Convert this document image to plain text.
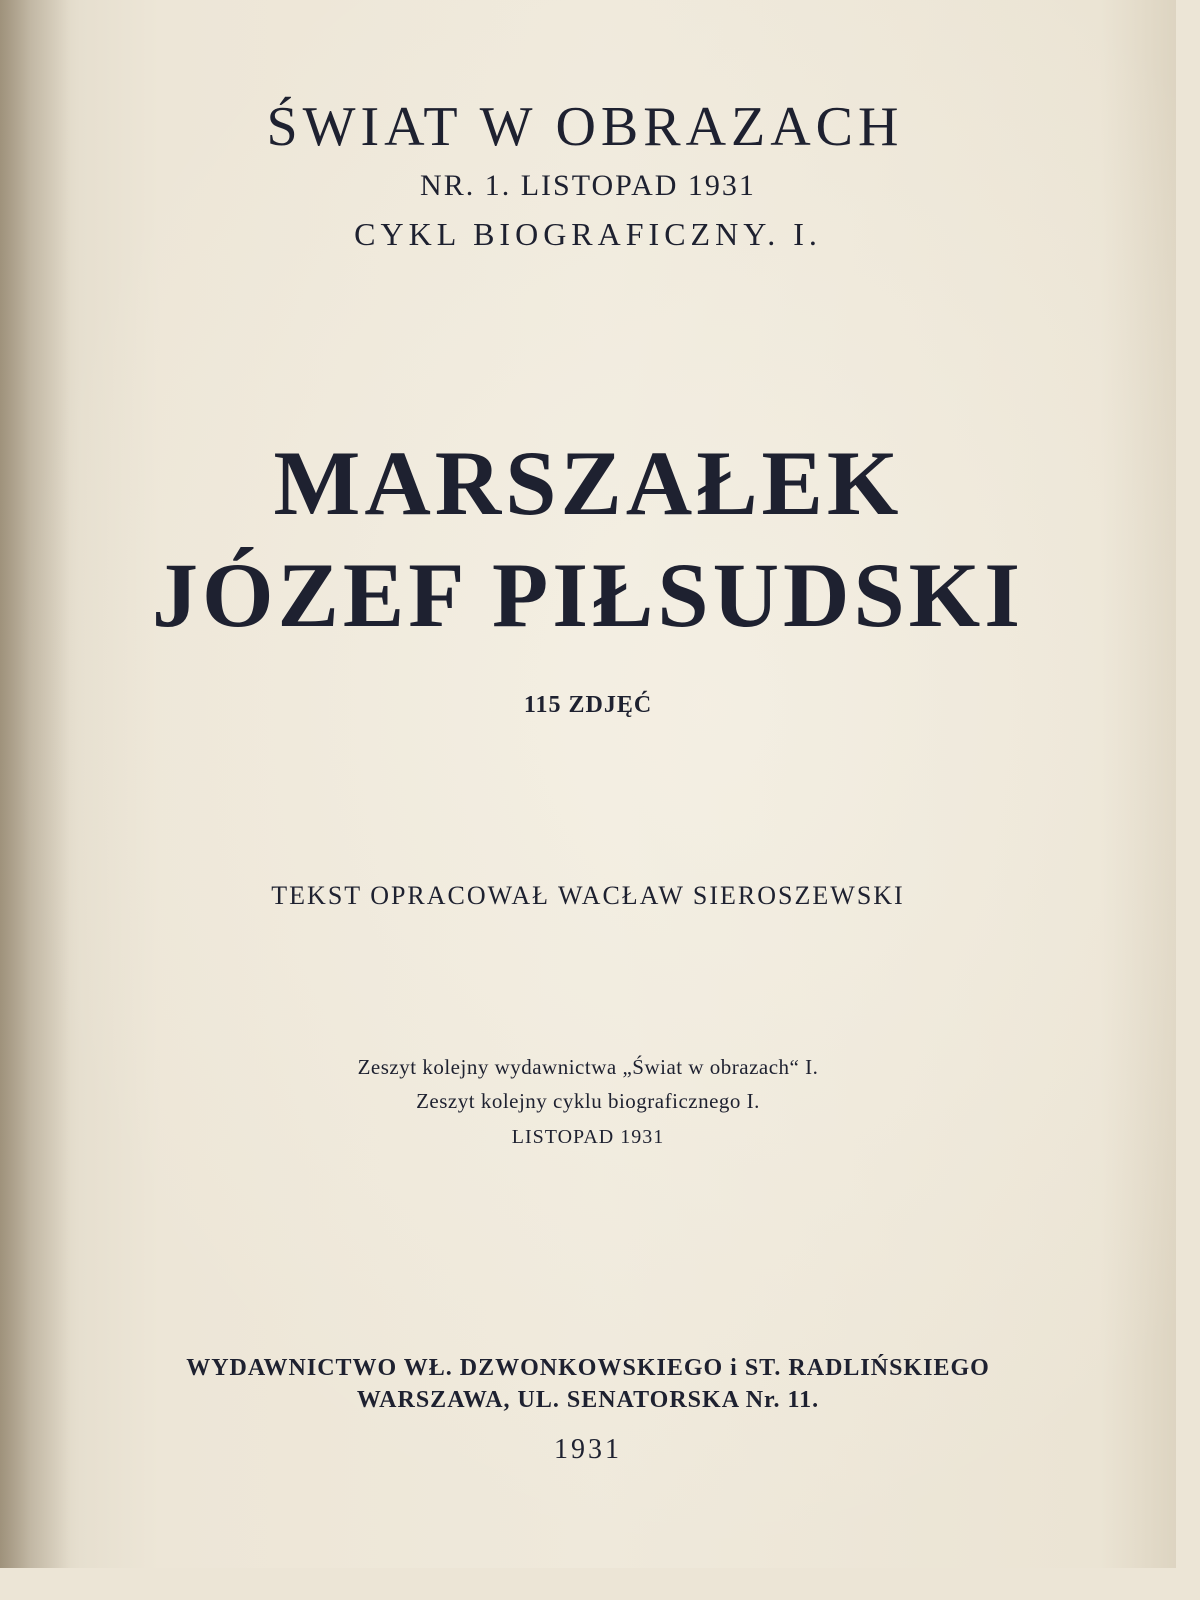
ŚWIAT W OBRAZACH

NR. 1. LISTOPAD 1931

CYKL BIOGRAFICZNY. I.

MARSZAŁEK
JÓZEF PIŁSUDSKI

115 ZDJĘĆ

TEKST OPRACOWAŁ WACŁAW SIEROSZEWSKI

Zeszyt kolejny wydawnictwa „Świat w obrazach“ I.

Zeszyt kolejny cyklu biograficznego I.

LISTOPAD 1931

WYDAWNICTWO WŁ. DZWONKOWSKIEGO i ST. RADLIŃSKIEGO

WARSZAWA, UL. SENATORSKA Nr. 11.

1931
